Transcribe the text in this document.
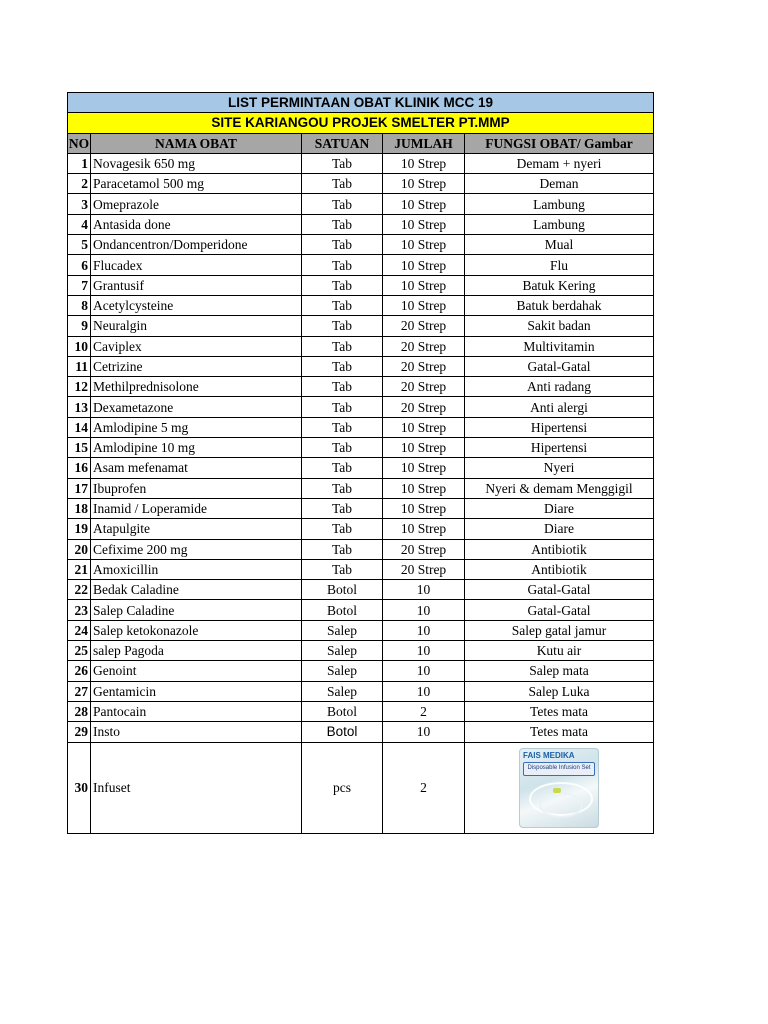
LIST PERMINTAAN OBAT KLINIK MCC 19				
SITE KARIANGOU PROJEK SMELTER PT.MMP				
NO	NAMA OBAT	SATUAN	JUMLAH	FUNGSI OBAT/ Gambar
1	Novagesik 650 mg	Tab	10 Strep	Demam + nyeri
2	Paracetamol 500 mg	Tab	10 Strep	Deman
3	Omeprazole	Tab	10 Strep	Lambung
4	Antasida done	Tab	10 Strep	Lambung
5	Ondancentron/Domperidone	Tab	10 Strep	Mual
6	Flucadex	Tab	10 Strep	Flu
7	Grantusif	Tab	10 Strep	Batuk Kering
8	Acetylcysteine	Tab	10 Strep	Batuk berdahak
9	Neuralgin	Tab	20 Strep	Sakit badan
10	Caviplex	Tab	20 Strep	Multivitamin
11	Cetrizine	Tab	20 Strep	Gatal-Gatal
12	Methilprednisolone	Tab	20 Strep	Anti radang
13	Dexametazone	Tab	20 Strep	Anti alergi
14	Amlodipine 5 mg	Tab	10 Strep	Hipertensi
15	Amlodipine 10 mg	Tab	10 Strep	Hipertensi
16	Asam mefenamat	Tab	10 Strep	Nyeri
17	Ibuprofen	Tab	10 Strep	Nyeri & demam Menggigil
18	Inamid / Loperamide	Tab	10 Strep	Diare
19	Atapulgite	Tab	10 Strep	Diare
20	Cefixime 200 mg	Tab	20 Strep	Antibiotik
21	Amoxicillin	Tab	20 Strep	Antibiotik
22	Bedak Caladine	Botol	10	Gatal-Gatal
23	Salep Caladine	Botol	10	Gatal-Gatal
24	Salep ketokonazole	Salep	10	Salep gatal jamur
25	salep Pagoda	Salep	10	Kutu air
26	Genoint	Salep	10	Salep mata
27	Gentamicin	Salep	10	Salep Luka
28	Pantocain	Botol	2	Tetes mata
29	Insto	Botol	10	Tetes mata
30	Infuset	pcs	2	FAIS MEDIKA
Disposable Infusion Set
